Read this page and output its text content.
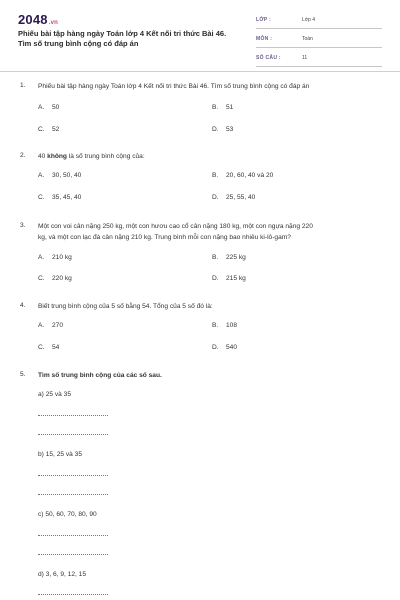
2048.vn
Phiếu bài tập hàng ngày Toán lớp 4 Kết nối tri thức Bài 46.
Tìm số trung bình cộng có đáp án
LỚP :	Lớp 4
MÔN :	Toán
SỐ CÂU :	11
1. Phiếu bài tập hàng ngày Toán lớp 4 Kết nối tri thức Bài 46. Tìm số trung bình cộng có đáp án
A. 50	B. 51
C. 52	D. 53
2. 40 không là số trung bình cộng của:
A. 30, 50, 40	B. 20, 60, 40 và 20
C. 35, 45, 40	D. 25, 55, 40
3. Một con voi cân nặng 250 kg, một con hươu cao cổ cân nặng 180 kg, một con ngựa nặng 220
kg, và một con lạc đà cân nặng 210 kg. Trung bình mỗi con nặng bao nhiêu ki-lô-gam?
A. 210 kg	B. 225 kg
C. 220 kg	D. 215 kg
4. Biết trung bình cộng của 5 số bằng 54. Tổng của 5 số đó là:
A. 270	B. 108
C. 54	D. 540
5. Tìm số trung bình cộng của các số sau.
a) 25 và 35
b) 15, 25 và 35
c) 50, 60, 70, 80, 90
d) 3, 6, 9, 12, 15
